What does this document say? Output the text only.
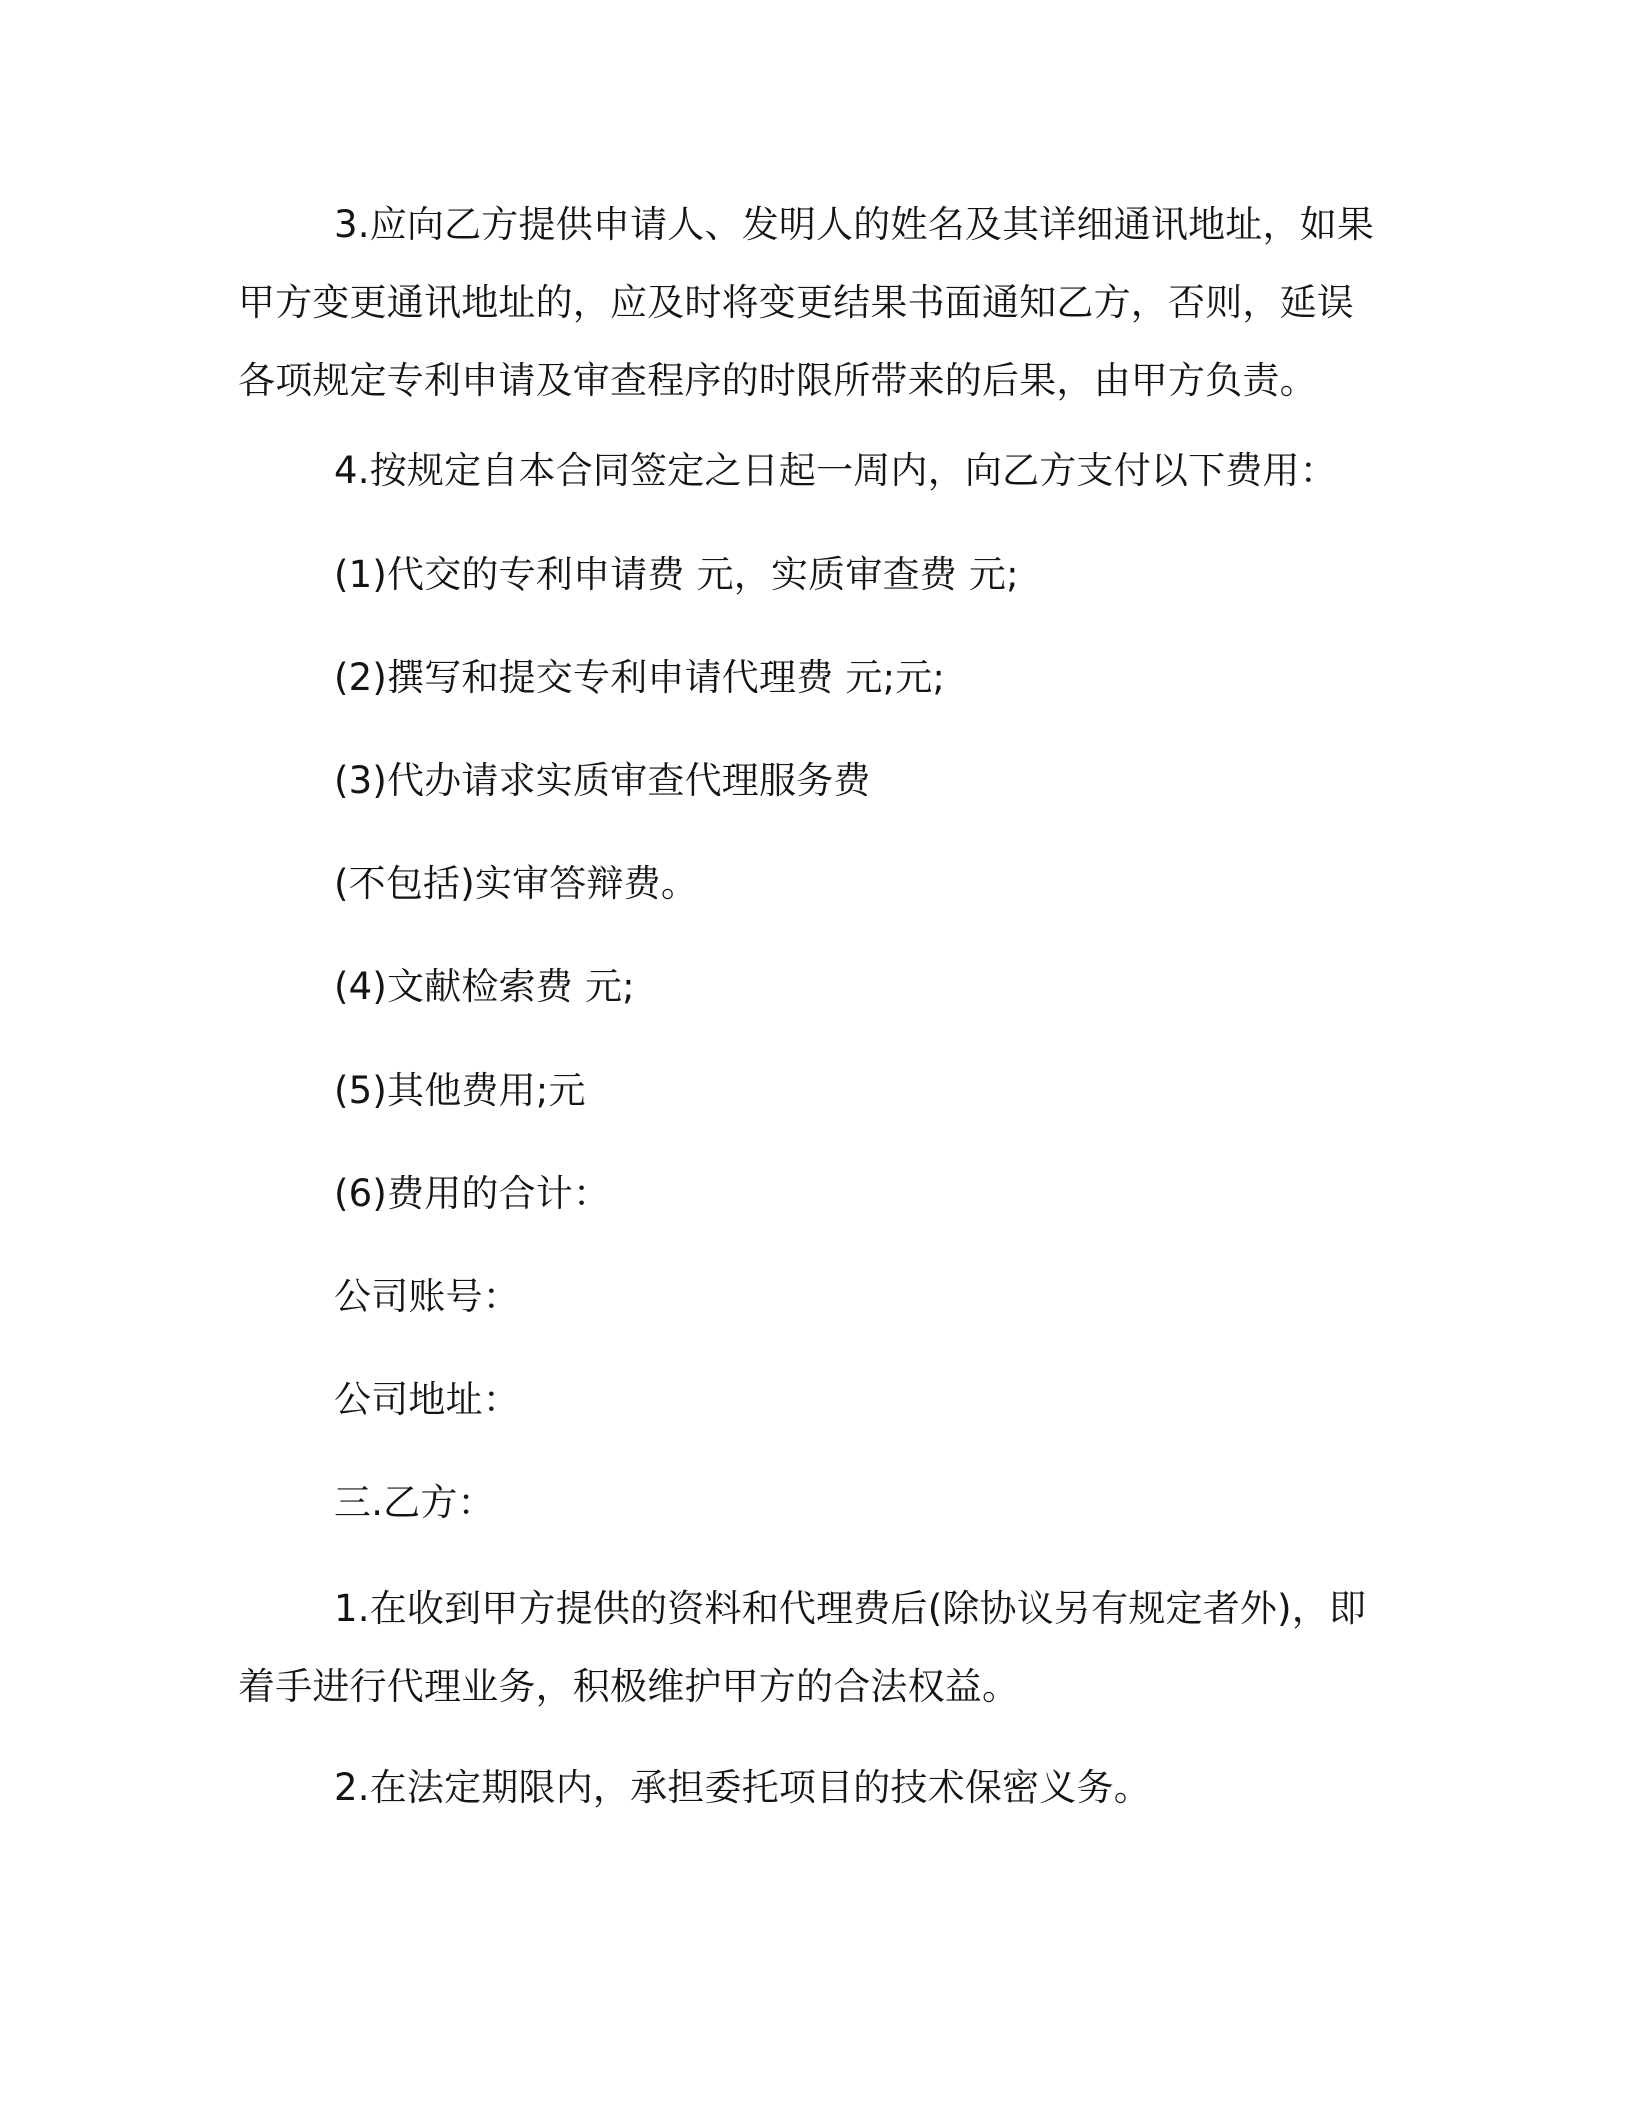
3.应向乙方提供申请人、发明人的姓名及其详细通讯地址，如果
甲方变更通讯地址的，应及时将变更结果书面通知乙方，否则，延误
各项规定专利申请及审查程序的时限所带来的后果，由甲方负责。
4.按规定自本合同签定之日起一周内，向乙方支付以下费用：
(1)代交的专利申请费 元，实质审查费 元;
(2)撰写和提交专利申请代理费 元;元;
(3)代办请求实质审查代理服务费
(不包括)实审答辩费。
(4)文献检索费 元;
(5)其他费用;元
(6)费用的合计：
公司账号：
公司地址：
三.乙方：
1.在收到甲方提供的资料和代理费后(除协议另有规定者外)，即
着手进行代理业务，积极维护甲方的合法权益。
2.在法定期限内，承担委托项目的技术保密义务。
